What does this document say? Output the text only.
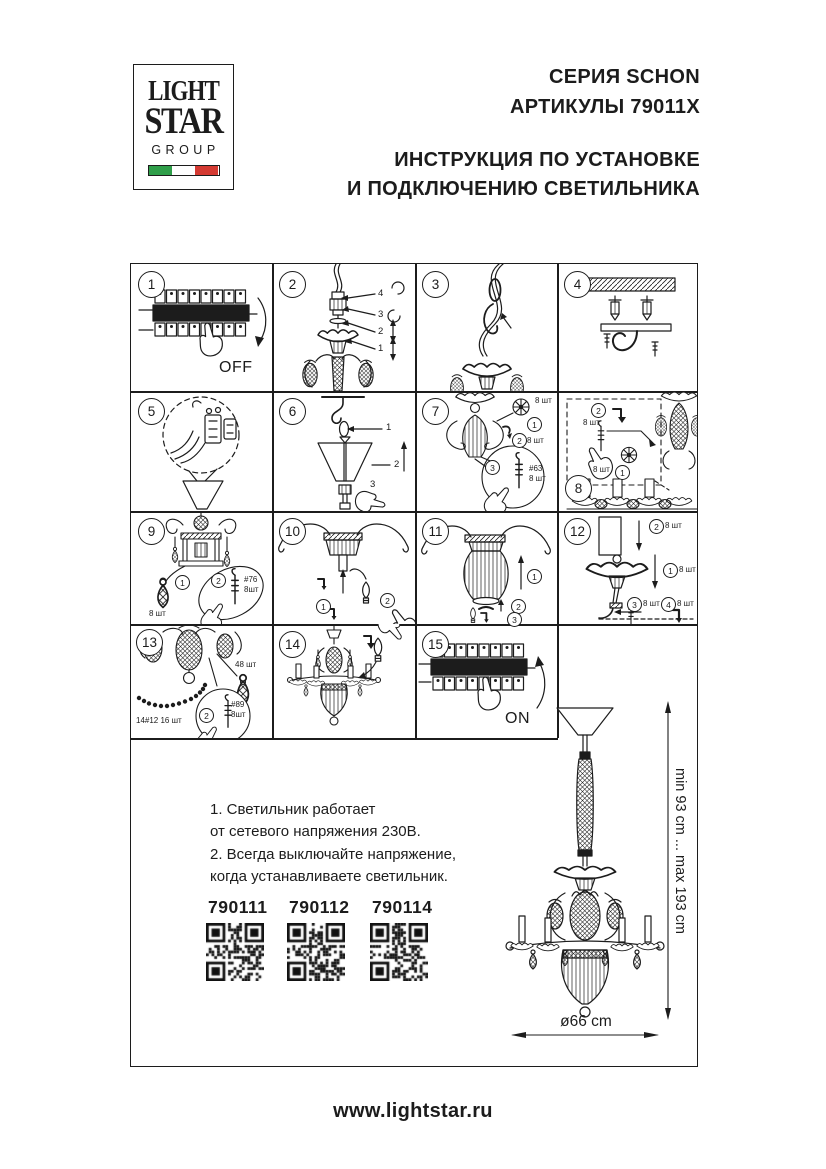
LIGHT
STAR
GROUP
СЕРИЯ SCHON
АРТИКУЛЫ 79011X
ИНСТРУКЦИЯ ПО УСТАНОВКЕ
И ПОДКЛЮЧЕНИЮ СВЕТИЛЬНИКА
1
OFF
2
4
3
2
1
3	4
5	6
1
2
3
7
8 шт
1
2 8 шт
3	#63
8 шт
8
2
8 шт
8 шт	1
9
1
8 шт
2	#76
8шт
10
1
2
11
1
2
3
12	2 8 шт
1 8 шт
3 8 шт 4 8 шт
13
48 шт
14#12 16 шт	2
#89
8шт
14	15
ON
1. Светильник работает
от сетевого напряжения 230В.
2. Всегда выключайте напряжение,
когда устанавливаете светильник.
790111 790112 790114	min 93 cm ... max 193 cm
ø66 cm
www.lightstar.ru
